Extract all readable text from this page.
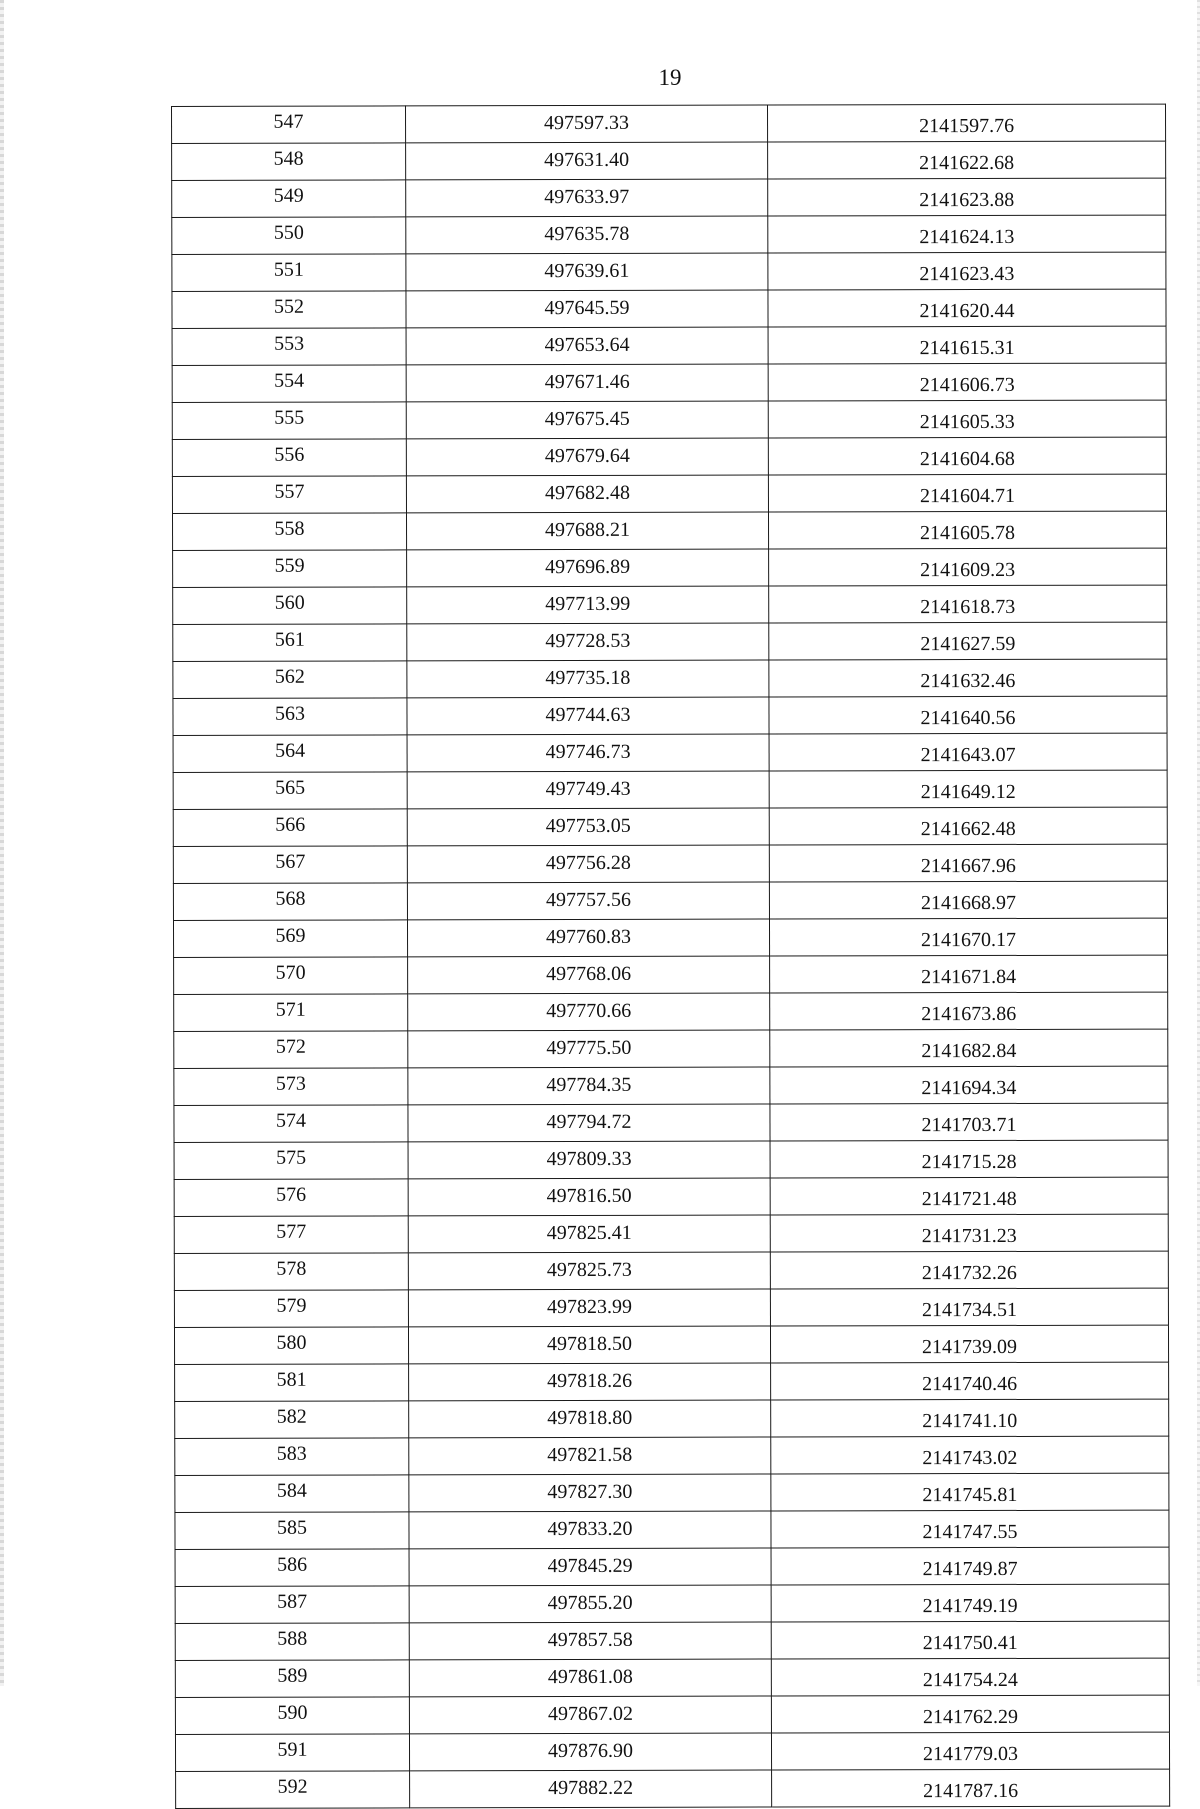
19
547	497597.33	2141597.76
548	497631.40	2141622.68
549	497633.97	2141623.88
550	497635.78	2141624.13
551	497639.61	2141623.43
552	497645.59	2141620.44
553	497653.64	2141615.31
554	497671.46	2141606.73
555	497675.45	2141605.33
556	497679.64	2141604.68
557	497682.48	2141604.71
558	497688.21	2141605.78
559	497696.89	2141609.23
560	497713.99	2141618.73
561	497728.53	2141627.59
562	497735.18	2141632.46
563	497744.63	2141640.56
564	497746.73	2141643.07
565	497749.43	2141649.12
566	497753.05	2141662.48
567	497756.28	2141667.96
568	497757.56	2141668.97
569	497760.83	2141670.17
570	497768.06	2141671.84
571	497770.66	2141673.86
572	497775.50	2141682.84
573	497784.35	2141694.34
574	497794.72	2141703.71
575	497809.33	2141715.28
576	497816.50	2141721.48
577	497825.41	2141731.23
578	497825.73	2141732.26
579	497823.99	2141734.51
580	497818.50	2141739.09
581	497818.26	2141740.46
582	497818.80	2141741.10
583	497821.58	2141743.02
584	497827.30	2141745.81
585	497833.20	2141747.55
586	497845.29	2141749.87
587	497855.20	2141749.19
588	497857.58	2141750.41
589	497861.08	2141754.24
590	497867.02	2141762.29
591	497876.90	2141779.03
592	497882.22	2141787.16
